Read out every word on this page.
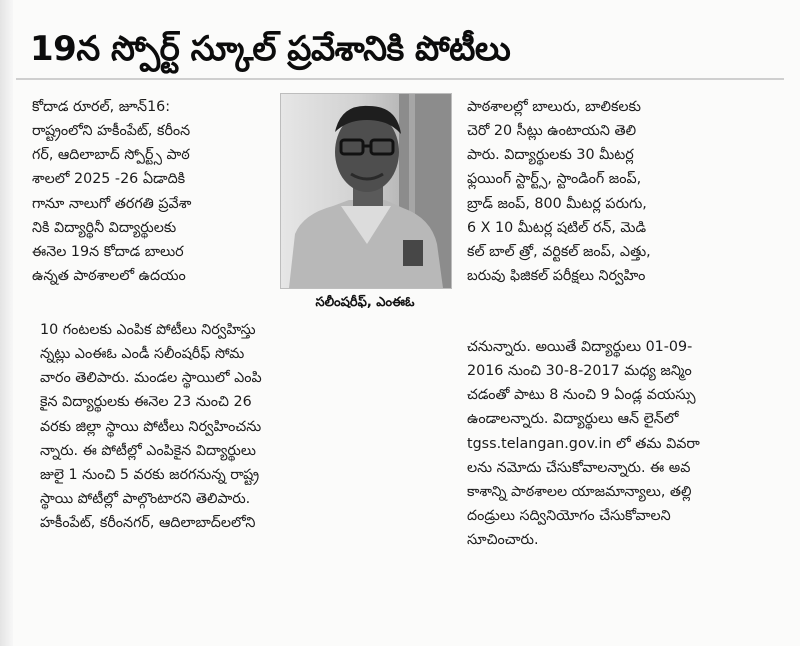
19న స్పోర్ట్ స్కూల్ ప్రవేశానికి పోటీలు
కోదాడ రూరల్, జూన్16:
రాష్ట్రంలోని హకీంపేట్, కరీంన
గర్, ఆదిలాబాద్ స్పోర్ట్స్ పాఠ
శాలలో 2025 -26 ఏడాదికి
గానూ నాలుగో తరగతి ప్రవేశా
నికి విద్యార్థినీ విద్యార్థులకు
ఈనెల 19న కోదాడ బాలుర
ఉన్నత పాఠశాలలో ఉదయం
10 గంటలకు ఎంపిక పోటీలు నిర్వహిస్తు
న్నట్లు ఎంఈఓ ఎండీ సలీంషరీఫ్ సోమ
వారం తెలిపారు. మండల స్థాయిలో ఎంపి
కైన విద్యార్థులకు ఈనెల 23 నుంచి 26
వరకు జిల్లా స్థాయి పోటీలు నిర్వహించను
న్నారు. ఈ పోటీల్లో ఎంపికైన విద్యార్థులు
జులై 1 నుంచి 5 వరకు జరగనున్న రాష్ట్ర
స్థాయి పోటీల్లో పాల్గొంటారని తెలిపారు.
హకీంపేట్, కరీంనగర్, ఆదిలాబాద్‌లలోని
పాఠశాలల్లో బాలురు, బాలికలకు
చెరో 20 సీట్లు ఉంటాయని తెలి
పారు. విద్యార్థులకు 30 మీటర్ల
ఫ్లయింగ్ స్టార్ట్స్, స్టాండింగ్ జంప్,
బ్రాడ్ జంప్, 800 మీటర్ల పరుగు,
6 X 10 మీటర్ల షటిల్ రన్, మెడి
కల్ బాల్ త్రో, వర్టికల్ జంప్, ఎత్తు,
బరువు ఫిజికల్ పరీక్షలు నిర్వహిం
చనున్నారు. అయితే విద్యార్థులు 01-09-
2016 నుంచి 30-8-2017 మధ్య జన్మిం
చడంతో పాటు 8 నుంచి 9 ఏండ్ల వయస్సు
ఉండాలన్నారు. విద్యార్థులు ఆన్ లైన్‌లో
tgss.telangan.gov.in లో తమ వివరా
లను నమోదు చేసుకోవాలన్నారు. ఈ అవ
కాశాన్ని పాఠశాలల యాజమాన్యాలు, తల్లి
దండ్రులు సద్వినియోగం చేసుకోవాలని
సూచించారు.
సలీంషరీఫ్, ఎంఈఓ
